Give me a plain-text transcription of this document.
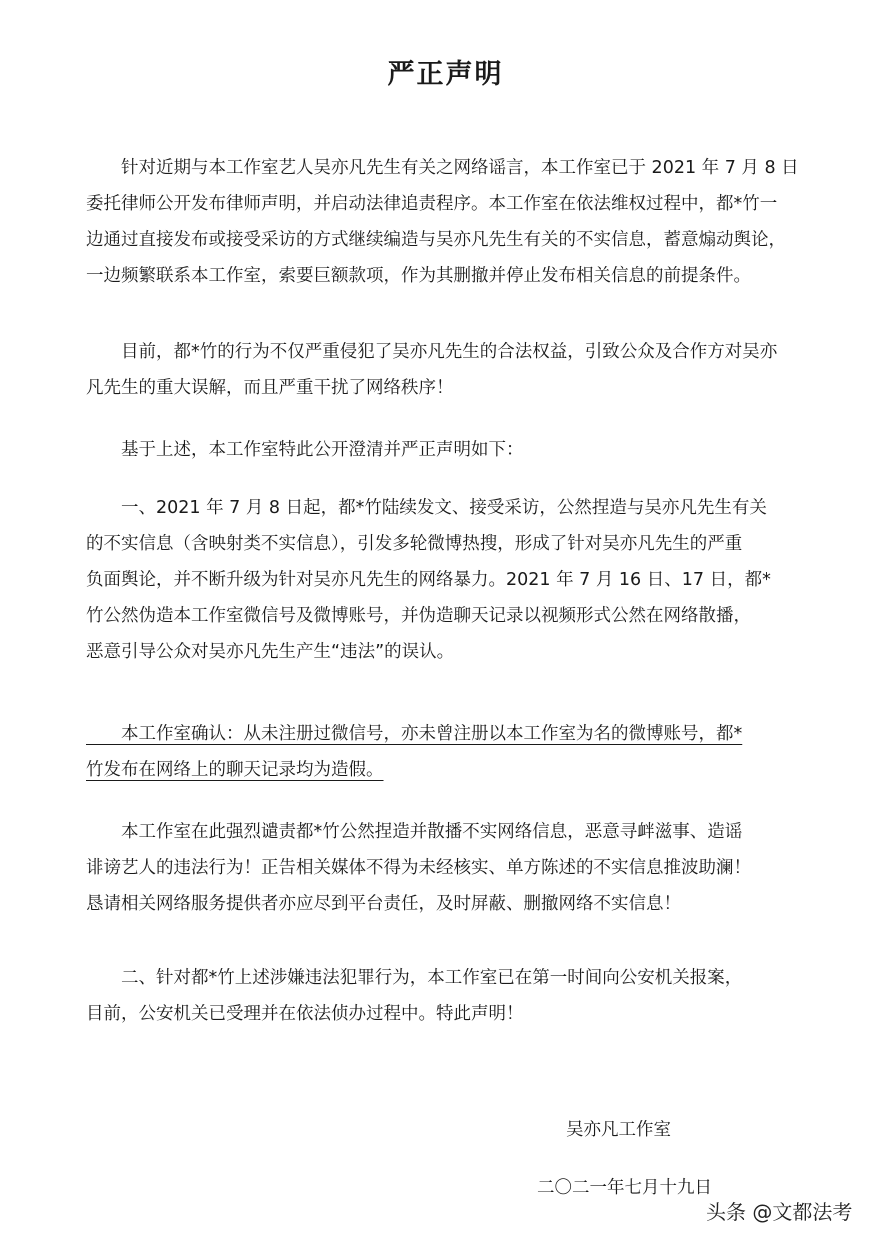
严正声明

　　针对近期与本工作室艺人吴亦凡先生有关之网络谣言，本工作室已于 2021 年 7 月 8 日
委托律师公开发布律师声明，并启动法律追责程序。本工作室在依法维权过程中，都*竹一
边通过直接发布或接受采访的方式继续编造与吴亦凡先生有关的不实信息，蓄意煽动舆论，
一边频繁联系本工作室，索要巨额款项，作为其删撤并停止发布相关信息的前提条件。

　　目前，都*竹的行为不仅严重侵犯了吴亦凡先生的合法权益，引致公众及合作方对吴亦
凡先生的重大误解，而且严重干扰了网络秩序！

　　基于上述，本工作室特此公开澄清并严正声明如下：

　　一、2021 年 7 月 8 日起，都*竹陆续发文、接受采访，公然捏造与吴亦凡先生有关
的不实信息（含映射类不实信息），引发多轮微博热搜，形成了针对吴亦凡先生的严重
负面舆论，并不断升级为针对吴亦凡先生的网络暴力。2021 年 7 月 16 日、17 日，都*
竹公然伪造本工作室微信号及微博账号，并伪造聊天记录以视频形式公然在网络散播，
恶意引导公众对吴亦凡先生产生“违法”的误认。

　　本工作室确认：从未注册过微信号，亦未曾注册以本工作室为名的微博账号，都*
竹发布在网络上的聊天记录均为造假。

　　本工作室在此强烈谴责都*竹公然捏造并散播不实网络信息，恶意寻衅滋事、造谣
诽谤艺人的违法行为！正告相关媒体不得为未经核实、单方陈述的不实信息推波助澜！
恳请相关网络服务提供者亦应尽到平台责任，及时屏蔽、删撤网络不实信息！

　　二、针对都*竹上述涉嫌违法犯罪行为，本工作室已在第一时间向公安机关报案，
目前，公安机关已受理并在依法侦办过程中。特此声明！

吴亦凡工作室
二〇二一年七月十九日
头条 @文都法考
